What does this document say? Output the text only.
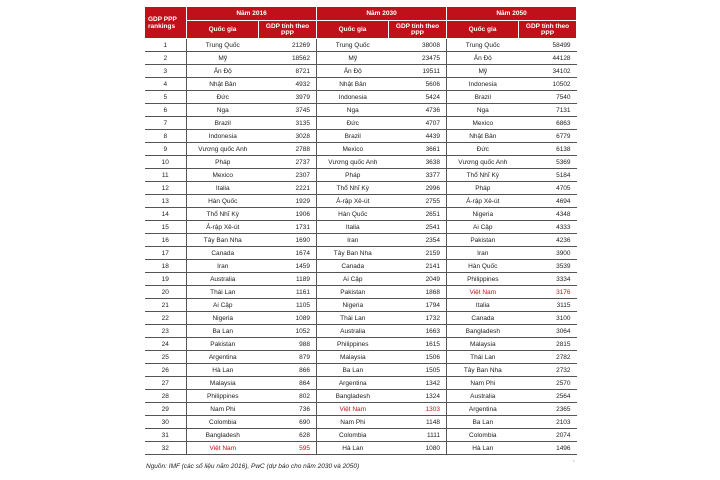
GDP PPP rankings	Năm 2016		Năm 2030		Năm 2050	
	Quốc gia	GDP tính theo PPP	Quốc gia	GDP tính theo PPP	Quốc gia	GDP tính theo PPP
1	Trung Quốc	21269	Trung Quốc	38008	Trung Quốc	58499
2	Mỹ	18562	Mỹ	23475	Ấn Độ	44128
3	Ấn Độ	8721	Ấn Độ	19511	Mỹ	34102
4	Nhật Bản	4932	Nhật Bản	5606	Indonesia	10502
5	Đức	3979	Indonesia	5424	Brazil	7540
6	Nga	3745	Nga	4736	Nga	7131
7	Brazil	3135	Đức	4707	Mexico	6863
8	Indonesia	3028	Brazil	4439	Nhật Bản	6779
9	Vương quốc Anh	2788	Mexico	3661	Đức	6138
10	Pháp	2737	Vương quốc Anh	3638	Vương quốc Anh	5369
11	Mexico	2307	Pháp	3377	Thổ Nhĩ Kỳ	5184
12	Italia	2221	Thổ Nhĩ Kỳ	2996	Pháp	4705
13	Hàn Quốc	1929	Ả-rập Xê-út	2755	Ả-rập Xê-út	4694
14	Thổ Nhĩ Kỳ	1906	Hàn Quốc	2651	Nigeria	4348
15	Ả-rập Xê-út	1731	Italia	2541	Ai Cập	4333
16	Tây Ban Nha	1690	Iran	2354	Pakistan	4236
17	Canada	1674	Tây Ban Nha	2159	Iran	3900
18	Iran	1459	Canada	2141	Hàn Quốc	3539
19	Australia	1189	Ai Cập	2049	Philippines	3334
20	Thái Lan	1161	Pakistan	1868	Việt Nam	3176
21	Ai Cập	1105	Nigeria	1794	Italia	3115
22	Nigeria	1089	Thái Lan	1732	Canada	3100
23	Ba Lan	1052	Australia	1663	Bangladesh	3064
24	Pakistan	988	Philippines	1615	Malaysia	2815
25	Argentina	879	Malaysia	1506	Thái Lan	2782
26	Hà Lan	866	Ba Lan	1505	Tây Ban Nha	2732
27	Malaysia	864	Argentina	1342	Nam Phi	2570
28	Philippines	802	Bangladesh	1324	Australia	2564
29	Nam Phi	736	Việt Nam	1303	Argentina	2365
30	Colombia	690	Nam Phi	1148	Ba Lan	2103
31	Bangladesh	628	Colombia	1111	Colombia	2074
32	Việt Nam	595	Hà Lan	1080	Hà Lan	1496
Nguồn: IMF (các số liệu năm 2016), PwC (dự báo cho năm 2030 và 2050)
•
